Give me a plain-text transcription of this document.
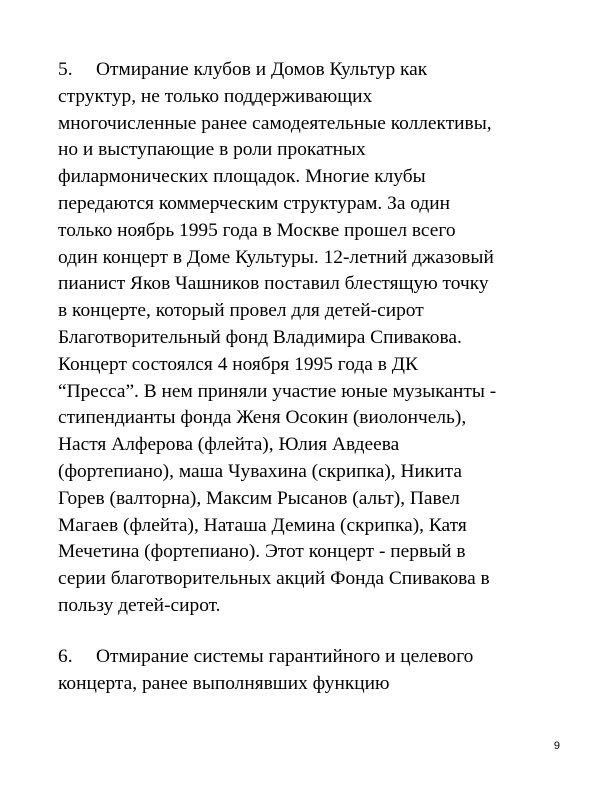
5. Отмирание клубов и Домов Культур как
структур, не только поддерживающих
многочисленные ранее самодеятельные коллективы,
но и выступающие в роли прокатных
филармонических площадок. Многие клубы
передаются коммерческим структурам. За один
только ноябрь 1995 года в Москве прошел всего
один концерт в Доме Культуры. 12-летний джазовый
пианист Яков Чашников поставил блестящую точку
в концерте, который провел для детей-сирот
Благотворительный фонд Владимира Спивакова.
Концерт состоялся 4 ноября 1995 года в ДК
“Пресса”. В нем приняли участие юные музыканты -
стипендианты фонда Женя Осокин (виолончель),
Настя Алферова (флейта), Юлия Авдеева
(фортепиано), маша Чувахина (скрипка), Никита
Горев (валторна), Максим Рысанов (альт), Павел
Магаев (флейта), Наташа Демина (скрипка), Катя
Мечетина (фортепиано). Этот концерт - первый в
серии благотворительных акций Фонда Спивакова в
пользу детей-сирот.
6. Отмирание системы гарантийного и целевого
концерта, ранее выполнявших функцию
9
